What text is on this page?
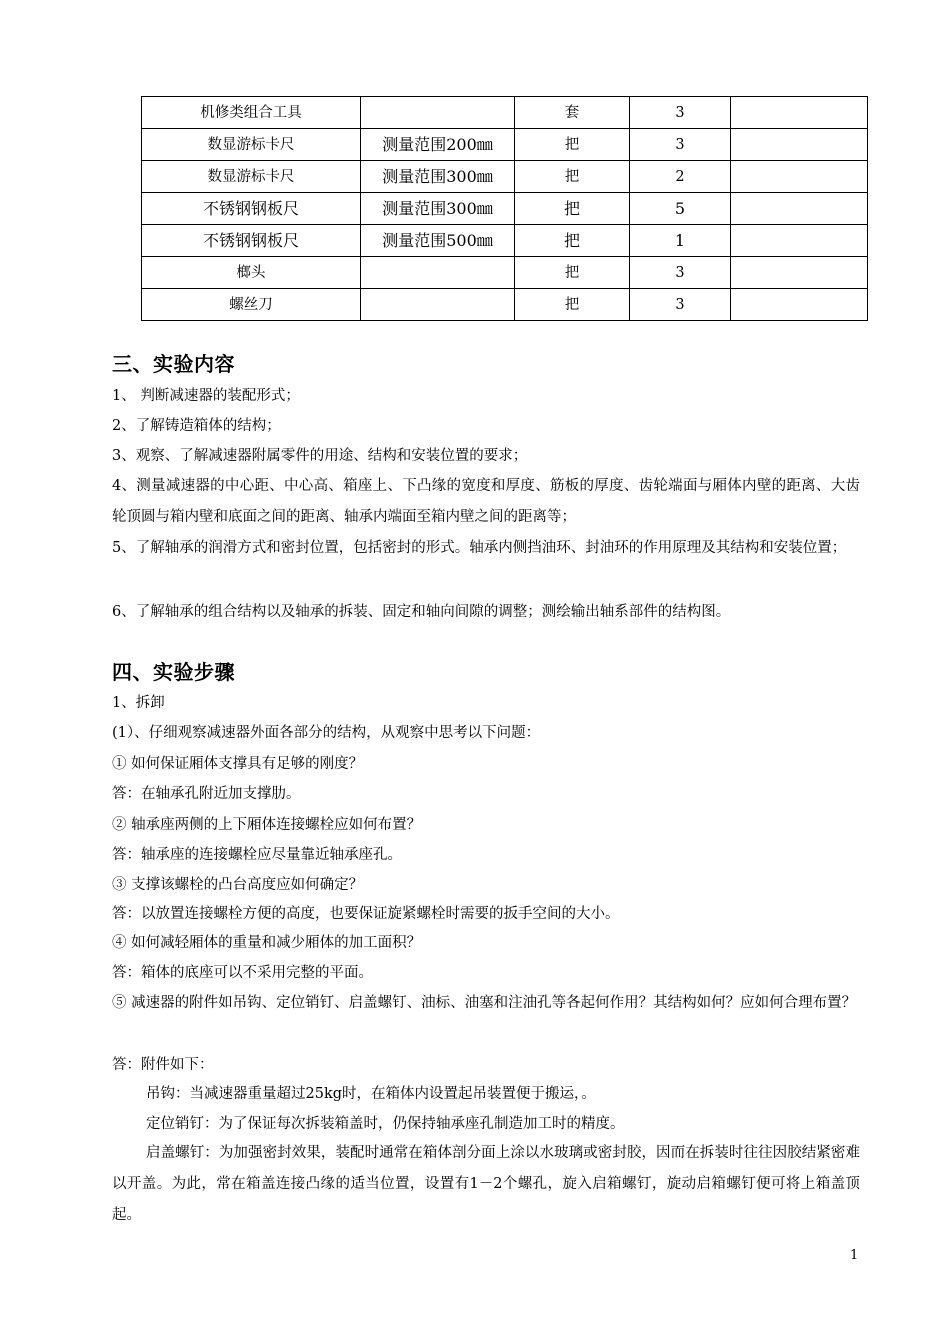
机修类组合工具		套	3	
数显游标卡尺	测量范围200㎜	把	3	
数显游标卡尺	测量范围300㎜	把	2	
不锈钢钢板尺	测量范围300㎜	把	5	
不锈钢钢板尺	测量范围500㎜	把	1	
榔头		把	3	
螺丝刀		把	3	
三、实验内容

1、 判断减速器的装配形式；

2、了解铸造箱体的结构；

3、观察、了解减速器附属零件的用途、结构和安装位置的要求；

4、测量减速器的中心距、中心高、箱座上、下凸缘的宽度和厚度、筋板的厚度、齿轮端面与厢体内壁的距离、大齿轮顶圆与箱内壁和底面之间的距离、轴承内端面至箱内壁之间的距离等；

5、了解轴承的润滑方式和密封位置，包括密封的形式。轴承内侧挡油环、封油环的作用原理及其结构和安装位置；

6、了解轴承的组合结构以及轴承的拆装、固定和轴向间隙的调整；测绘输出轴系部件的结构图。

四、实验步骤

1、拆卸

(1）、仔细观察减速器外面各部分的结构，从观察中思考以下问题：

① 如何保证厢体支撑具有足够的刚度？

答：在轴承孔附近加支撑肋。

② 轴承座两侧的上下厢体连接螺栓应如何布置？

答：轴承座的连接螺栓应尽量靠近轴承座孔。

③ 支撑该螺栓的凸台高度应如何确定？

答：以放置连接螺栓方便的高度，也要保证旋紧螺栓时需要的扳手空间的大小。

④ 如何减轻厢体的重量和减少厢体的加工面积？

答：箱体的底座可以不采用完整的平面。

⑤ 减速器的附件如吊钩、定位销钉、启盖螺钉、油标、油塞和注油孔等各起何作用？其结构如何？应如何合理布置？

答：附件如下：

吊钩：当减速器重量超过25kg时，在箱体内设置起吊装置便于搬运，。

定位销钉：为了保证每次拆装箱盖时，仍保持轴承座孔制造加工时的精度。

启盖螺钉：为加强密封效果，装配时通常在箱体剖分面上涂以水玻璃或密封胶，因而在拆装时往往因胶结紧密难以开盖。为此，常在箱盖连接凸缘的适当位置，设置有1－2个螺孔，旋入启箱螺钉，旋动启箱螺钉便可将上箱盖顶起。

1
